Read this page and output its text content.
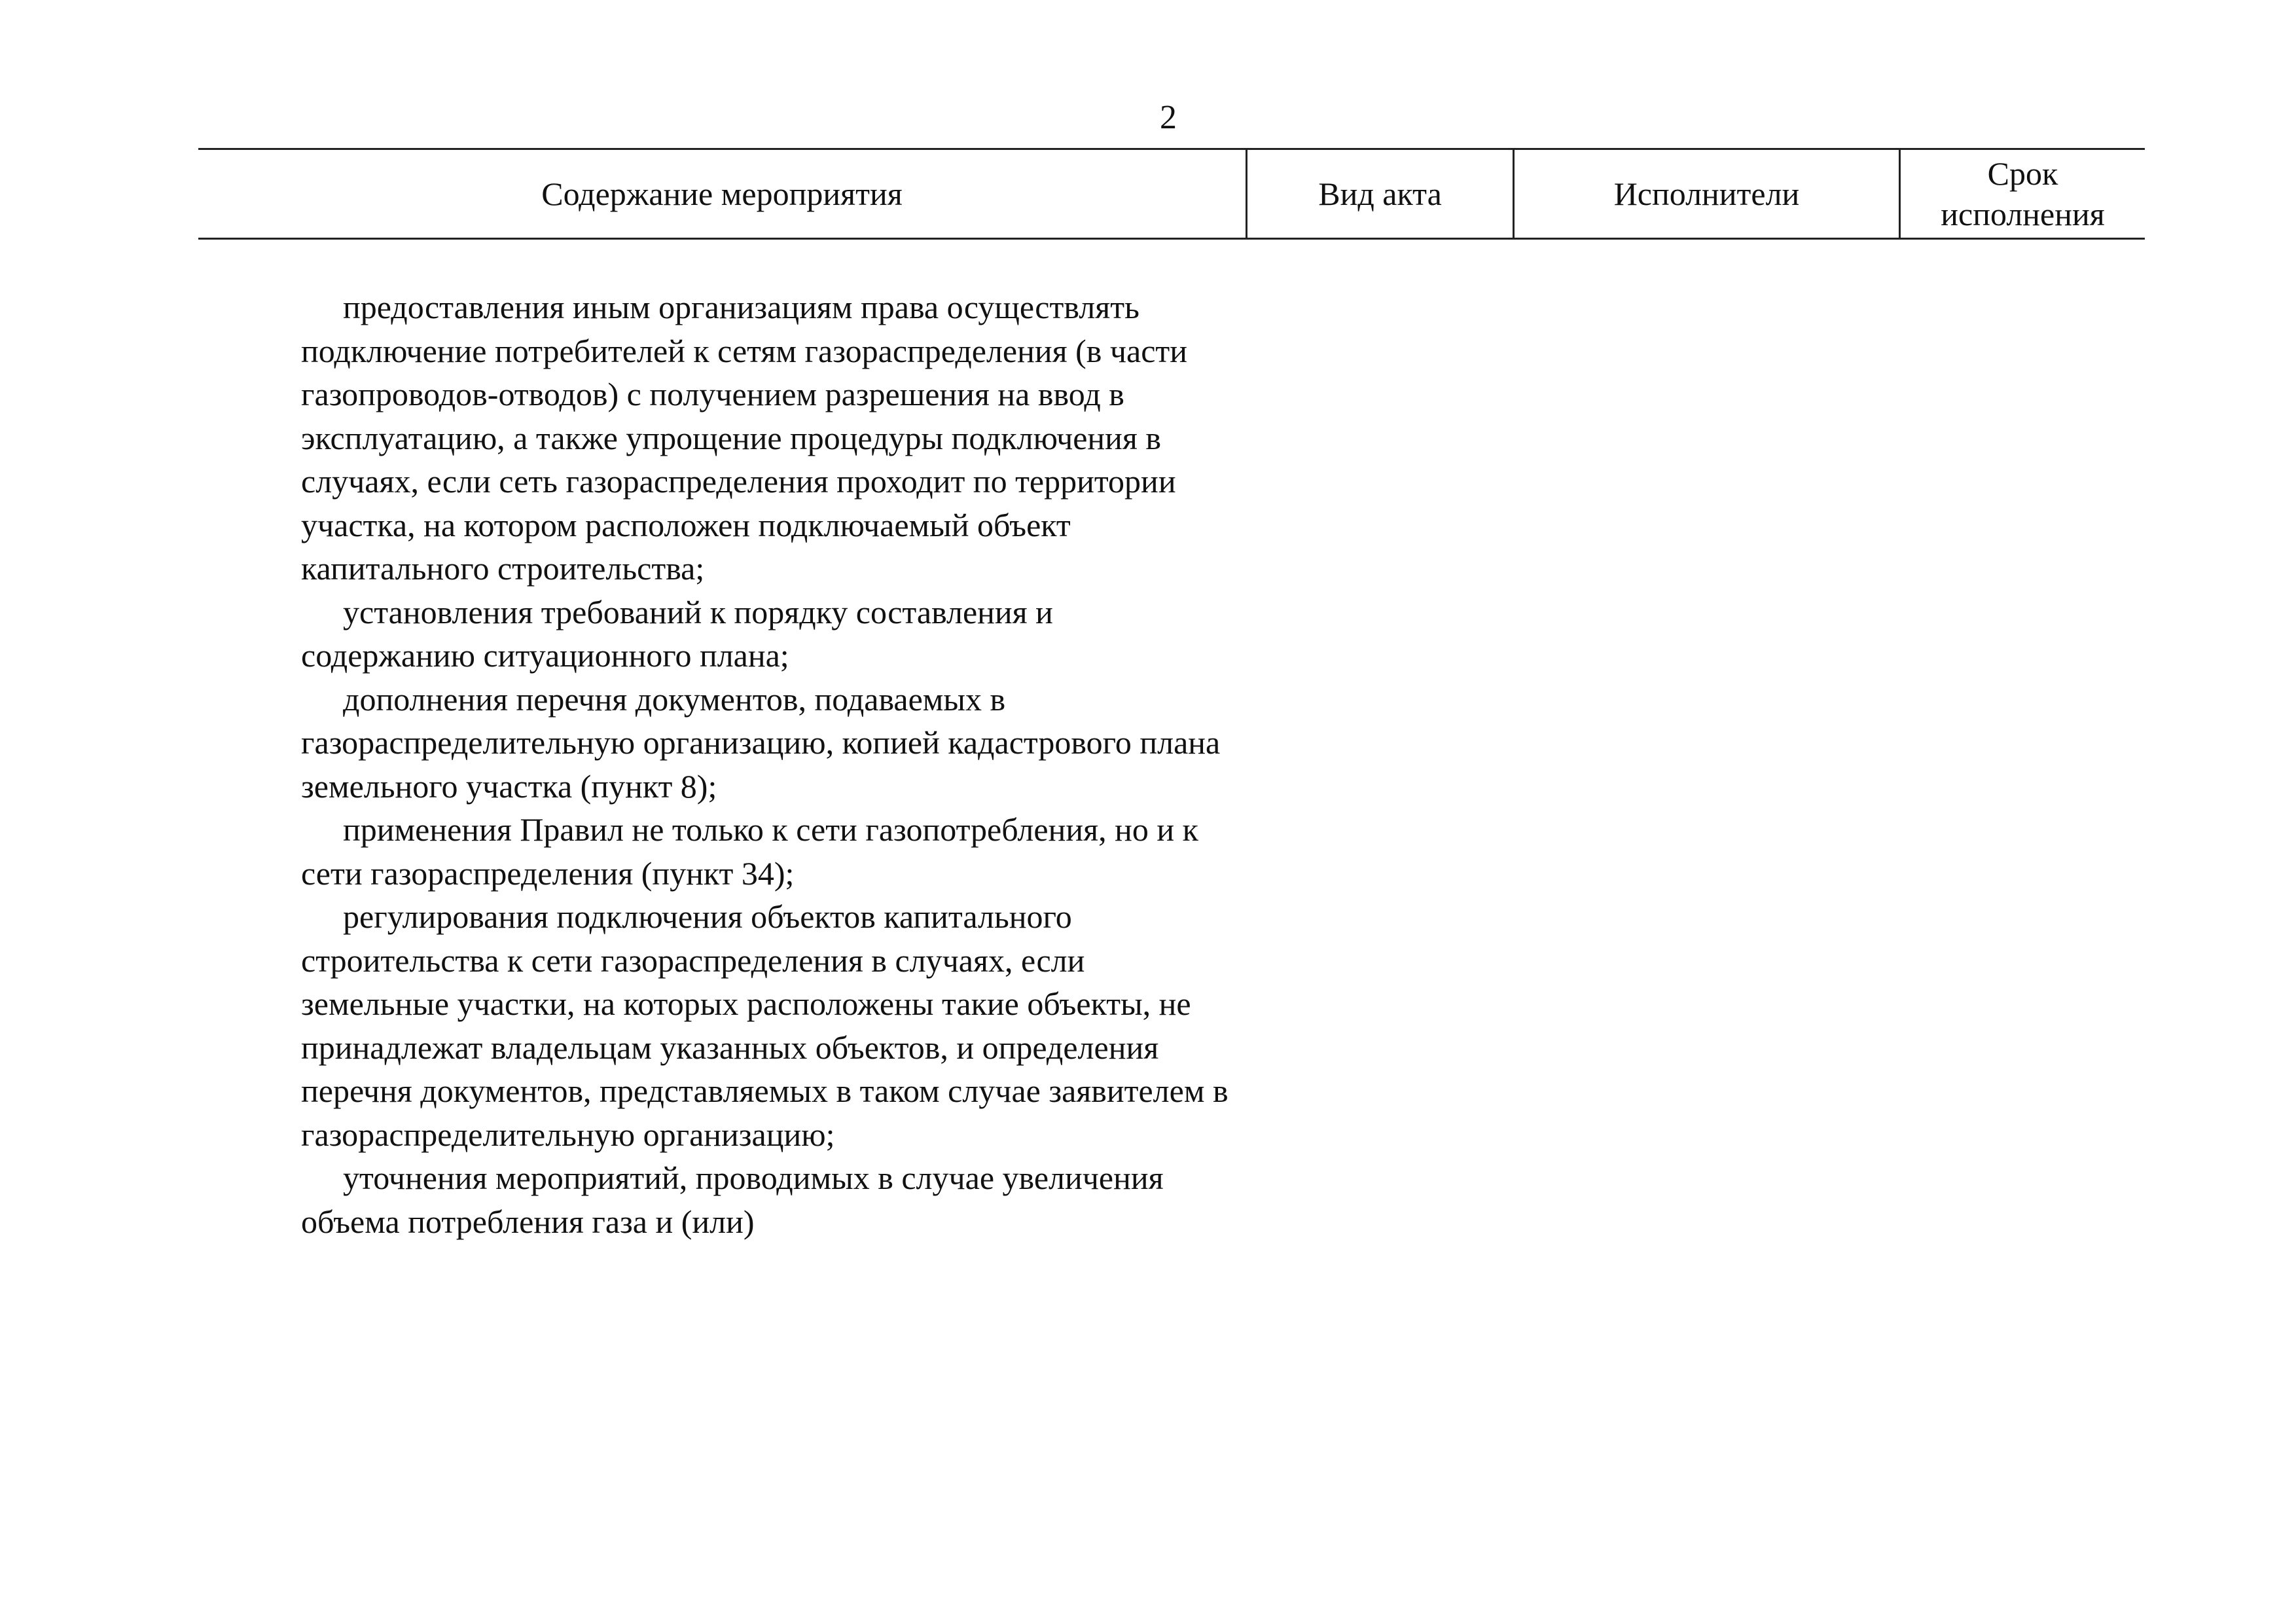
2
Содержание мероприятия	Вид акта	Исполнители
Срок
исполнения

предоставления иным организациям права осуществлять подключение потребителей к сетям газораспределения (в части газопроводов-отводов) с получением разрешения на ввод в эксплуатацию, а также упрощение процедуры подключения в случаях, если сеть газораспределения проходит по территории участка, на котором расположен подключаемый объект капитального строительства;

установления требований к порядку составления и содержанию ситуационного плана;

дополнения перечня документов, подаваемых в газораспределительную организацию, копией кадастрового плана земельного участка (пункт 8);

применения Правил не только к сети газопотребления, но и к сети газораспределения (пункт 34);

регулирования подключения объектов капитального строительства к сети газораспределения в случаях, если земельные участки, на которых расположены такие объекты, не принадлежат владельцам указанных объектов, и определения перечня документов, представляемых в таком случае заявителем в газораспределительную организацию;

уточнения мероприятий, проводимых в случае увеличения объема потребления газа и (или)
